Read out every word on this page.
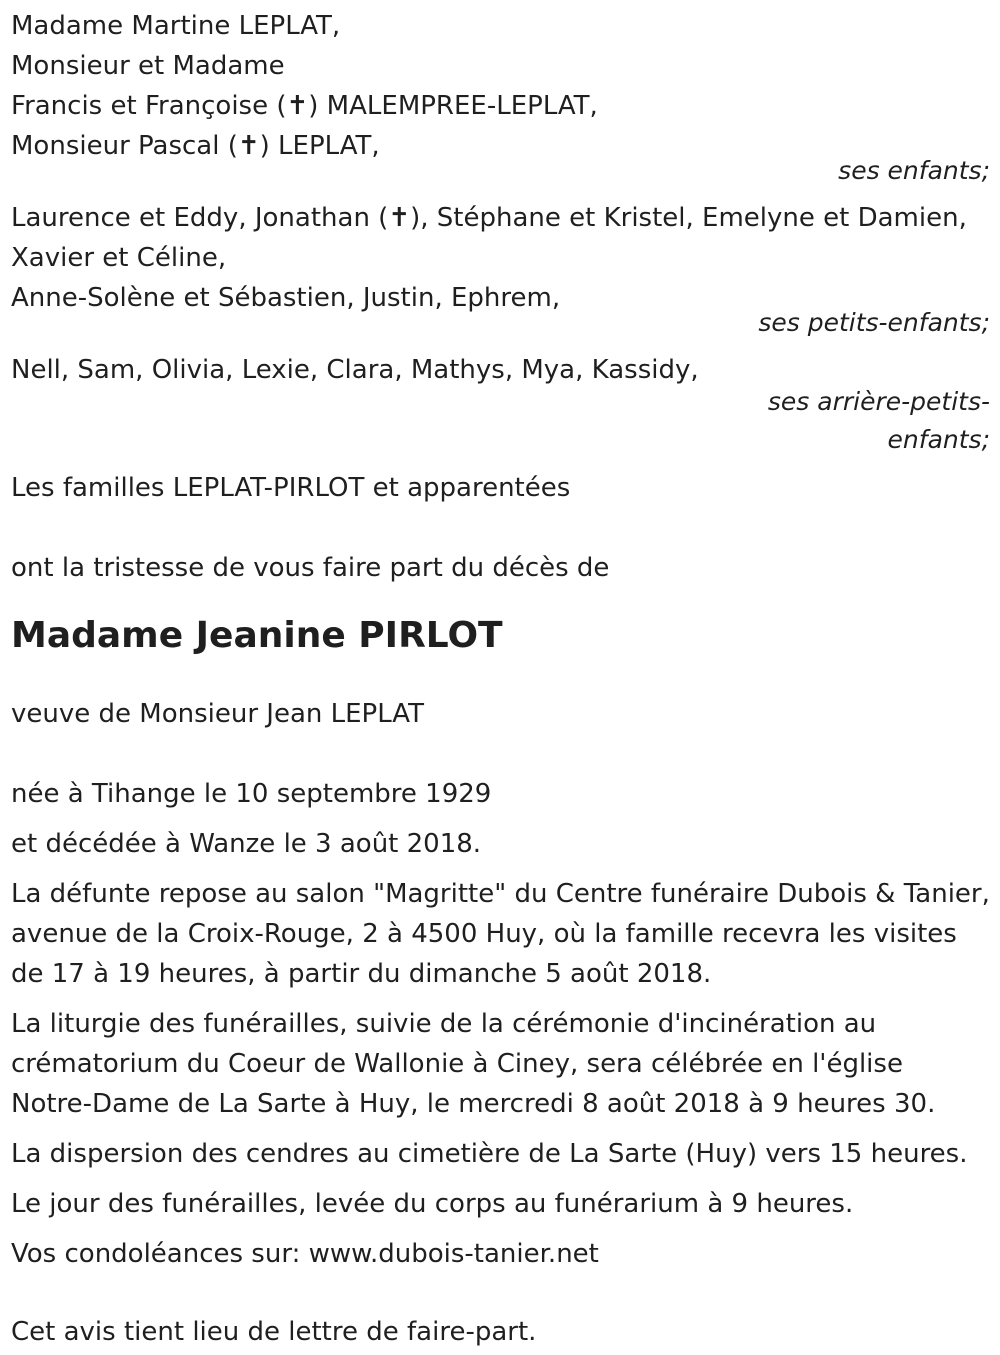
Madame Martine LEPLAT,
Monsieur et Madame
Francis et Françoise (✝) MALEMPREE-LEPLAT,
Monsieur Pascal (✝) LEPLAT,
ses enfants;
Laurence et Eddy, Jonathan (✝), Stéphane et Kristel, Emelyne et Damien,
Xavier et Céline,
Anne-Solène et Sébastien, Justin, Ephrem,
ses petits-enfants;
Nell, Sam, Olivia, Lexie, Clara, Mathys, Mya, Kassidy,
ses arrière-petits-
enfants;
Les familles LEPLAT-PIRLOT et apparentées
ont la tristesse de vous faire part du décès de
Madame Jeanine PIRLOT
veuve de Monsieur Jean LEPLAT
née à Tihange le 10 septembre 1929
et décédée à Wanze le 3 août 2018.
La défunte repose au salon "Magritte" du Centre funéraire Dubois & Tanier, avenue de la Croix-Rouge, 2 à 4500 Huy, où la famille recevra les visites de 17 à 19 heures, à partir du dimanche 5 août 2018.
La liturgie des funérailles, suivie de la cérémonie d'incinération au crématorium du Coeur de Wallonie à Ciney, sera célébrée en l'église Notre-Dame de La Sarte à Huy, le mercredi 8 août 2018 à 9 heures 30.
La dispersion des cendres au cimetière de La Sarte (Huy) vers 15 heures.
Le jour des funérailles, levée du corps au funérarium à 9 heures.
Vos condoléances sur: www.dubois-tanier.net
Cet avis tient lieu de lettre de faire-part.
